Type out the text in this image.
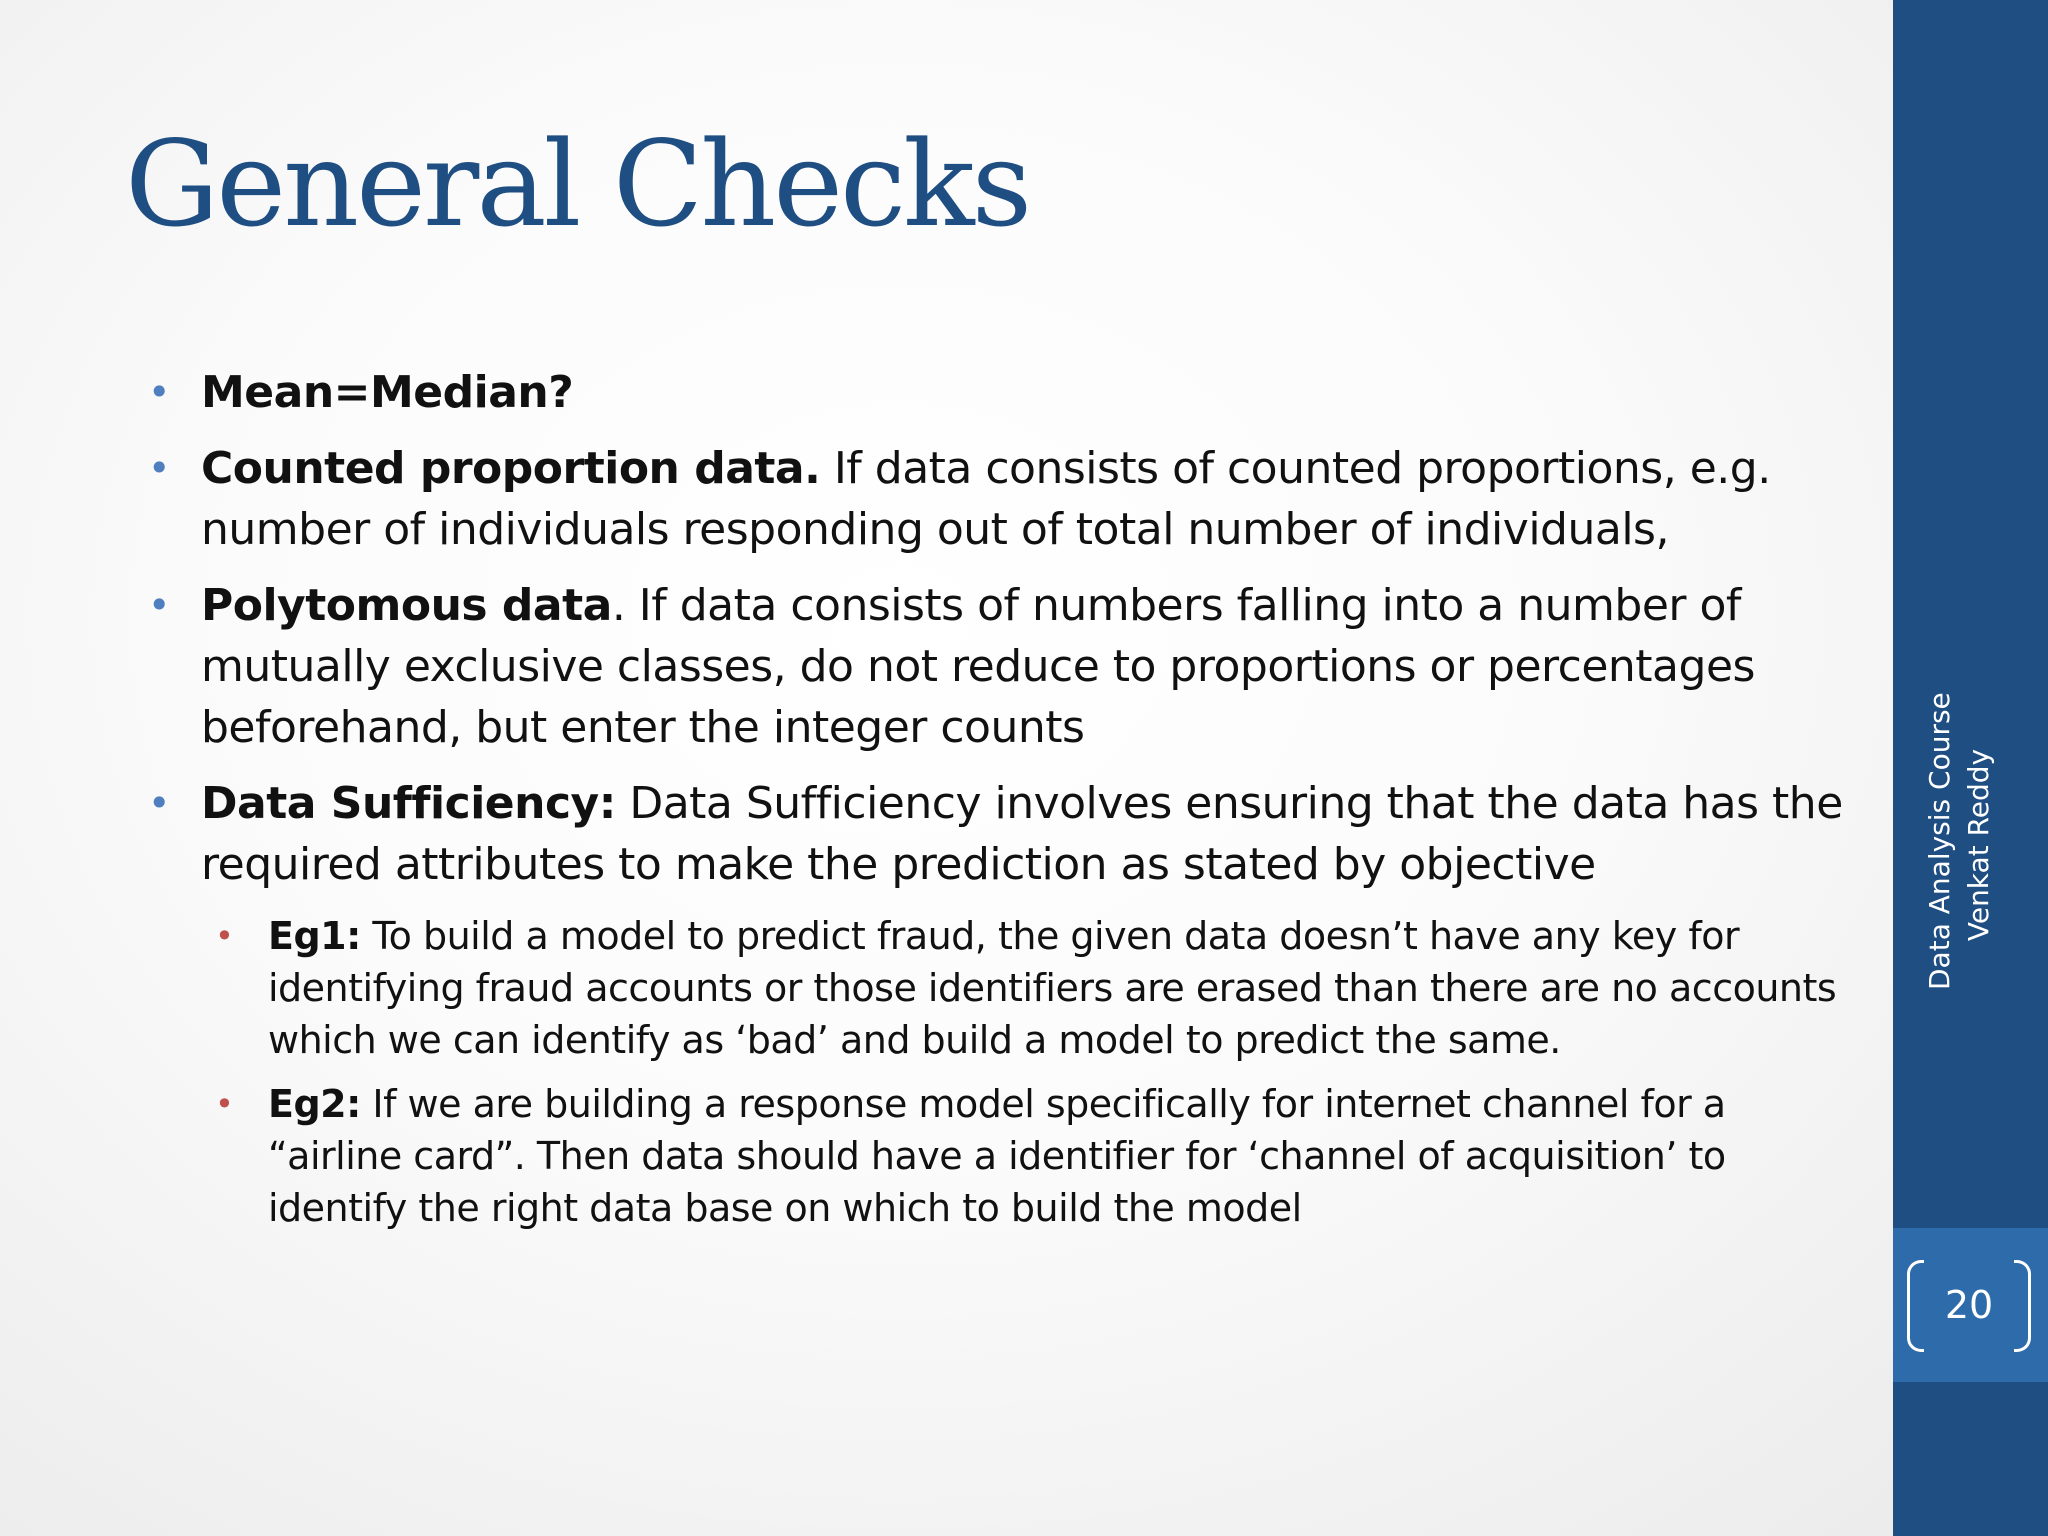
General Checks
• Mean=Median?
• Counted proportion data. If data consists of counted proportions, e.g. number of individuals responding out of total number of individuals,
• Polytomous data. If data consists of numbers falling into a number of mutually exclusive classes, do not reduce to proportions or percentages beforehand, but enter the integer counts
• Data Sufficiency: Data Sufficiency involves ensuring that the data has the required attributes to make the prediction as stated by objective
• Eg1: To build a model to predict fraud, the given data doesn’t have any key for identifying fraud accounts or those identifiers are erased than there are no accounts which we can identify as ‘bad’ and build a model to predict the same.
• Eg2: If we are building a response model specifically for internet channel for a “airline card”. Then data should have a identifier for ‘channel of acquisition’ to identify the right data base on which to build the model
20
Data Analysis Course Venkat Reddy
